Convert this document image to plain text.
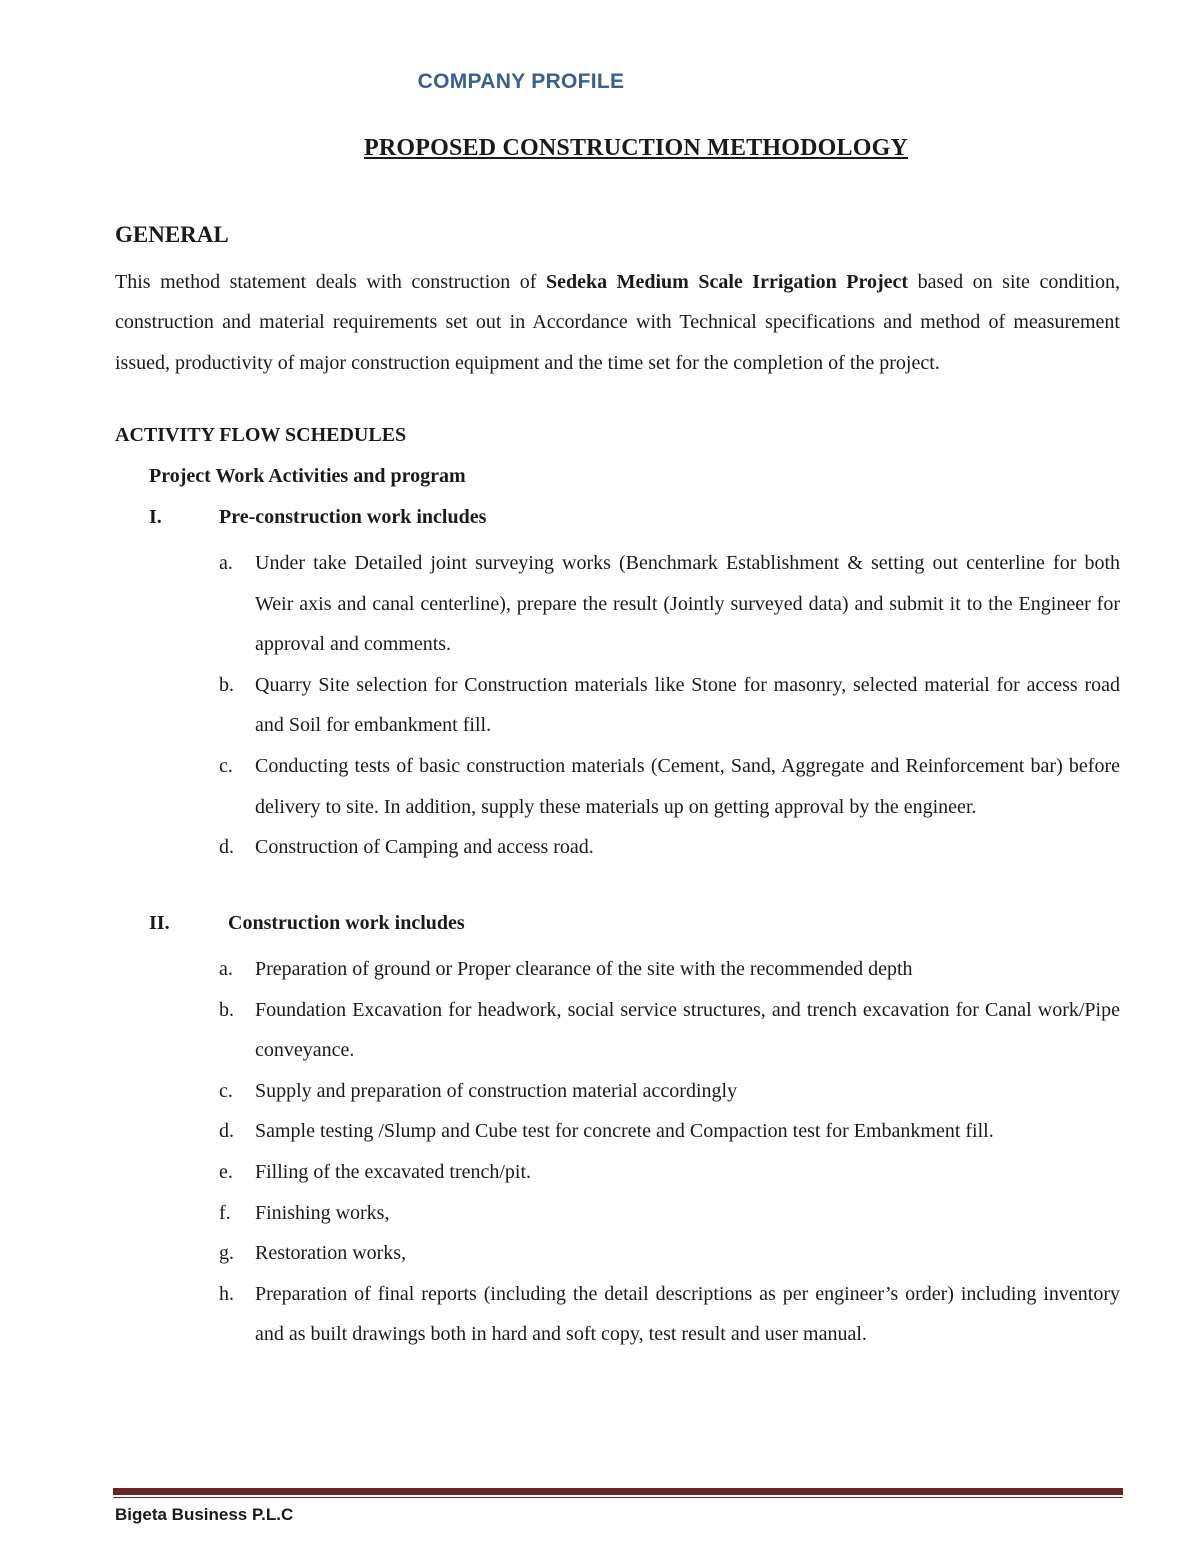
COMPANY PROFILE
PROPOSED CONSTRUCTION METHODOLOGY
GENERAL
This method statement deals with construction of Sedeka Medium Scale Irrigation Project based on site condition, construction and material requirements set out in Accordance with Technical specifications and method of measurement issued, productivity of major construction equipment and the time set for the completion of the project.
ACTIVITY FLOW SCHEDULES
Project Work Activities and program
I.	Pre-construction work includes
a. Under take Detailed joint surveying works (Benchmark Establishment & setting out centerline for both Weir axis and canal centerline), prepare the result (Jointly surveyed data) and submit it to the Engineer for approval and comments.
b. Quarry Site selection for Construction materials like Stone for masonry, selected material for access road and Soil for embankment fill.
c. Conducting tests of basic construction materials (Cement, Sand, Aggregate and Reinforcement bar) before delivery to site. In addition, supply these materials up on getting approval by the engineer.
d. Construction of Camping and access road.
II.	Construction work includes
a. Preparation of ground or Proper clearance of the site with the recommended depth
b. Foundation Excavation for headwork, social service structures, and trench excavation for Canal work/Pipe conveyance.
c. Supply and preparation of construction material accordingly
d. Sample testing /Slump and Cube test for concrete and Compaction test for Embankment fill.
e. Filling of the excavated trench/pit.
f. Finishing works,
g. Restoration works,
h. Preparation of final reports (including the detail descriptions as per engineer’s order) including inventory and as built drawings both in hard and soft copy, test result and user manual.
Bigeta Business P.L.C
